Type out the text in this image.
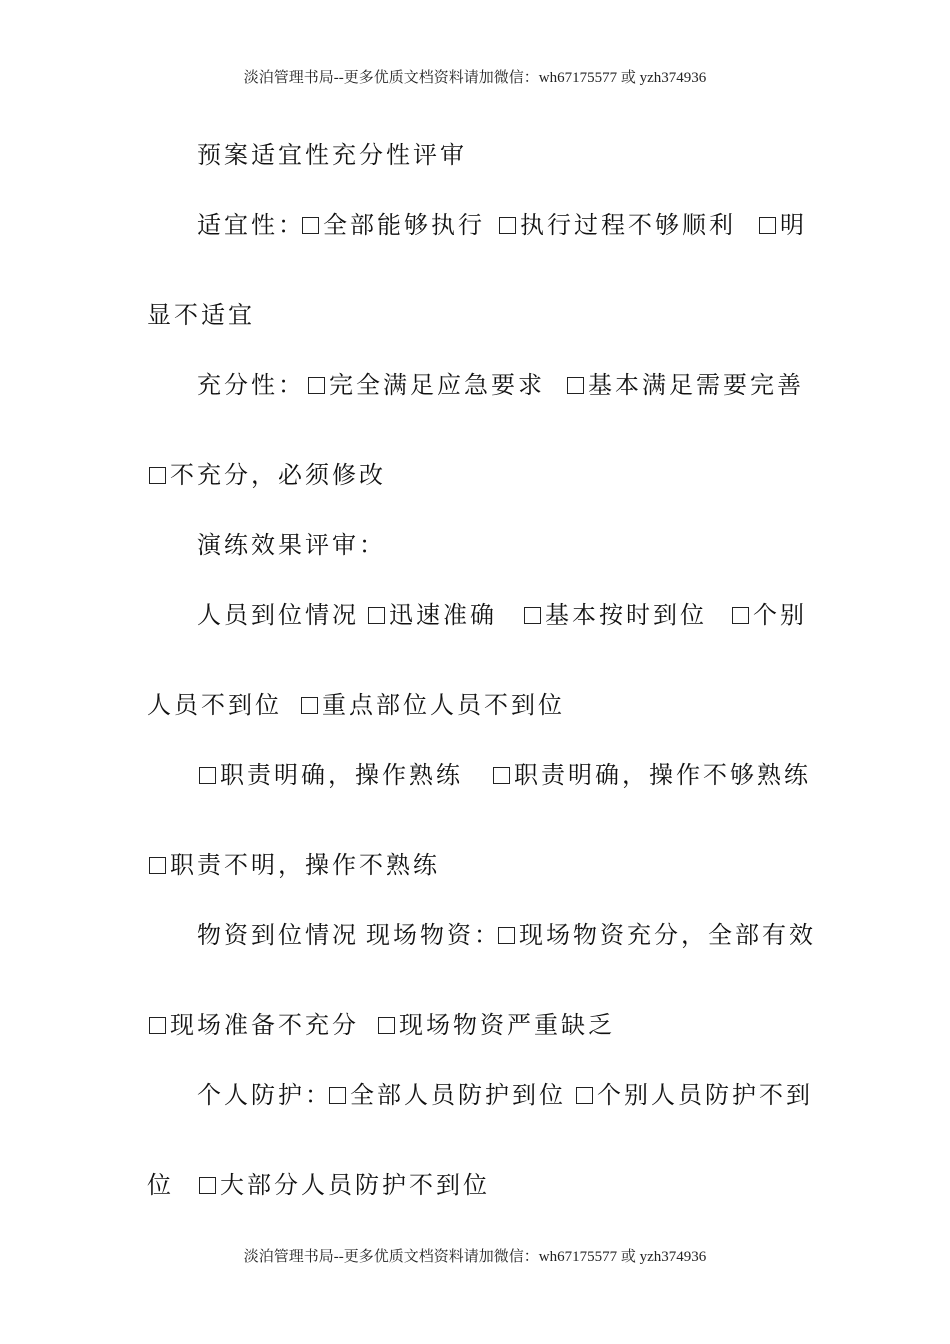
淡泊管理书局--更多优质文档资料请加微信：wh67175577 或 yzh374936
预案适宜性充分性评审
适宜性： 全部能够执行	执行过程不够顺利	明
显不适宜
充分性：	完全满足应急要求	基本满足需要完善
不充分，必须修改
演练效果评审：
人员到位情况	迅速准确	基本按时到位	个别
人员不到位	重点部位人员不到位
职责明确，操作熟练	职责明确，操作不够熟练
职责不明，操作不熟练
物资到位情况 现场物资： 现场物资充分，全部有效
现场准备不充分	现场物资严重缺乏
个人防护： 全部人员防护到位	个别人员防护不到
位	大部分人员防护不到位
淡泊管理书局--更多优质文档资料请加微信：wh67175577 或 yzh374936
